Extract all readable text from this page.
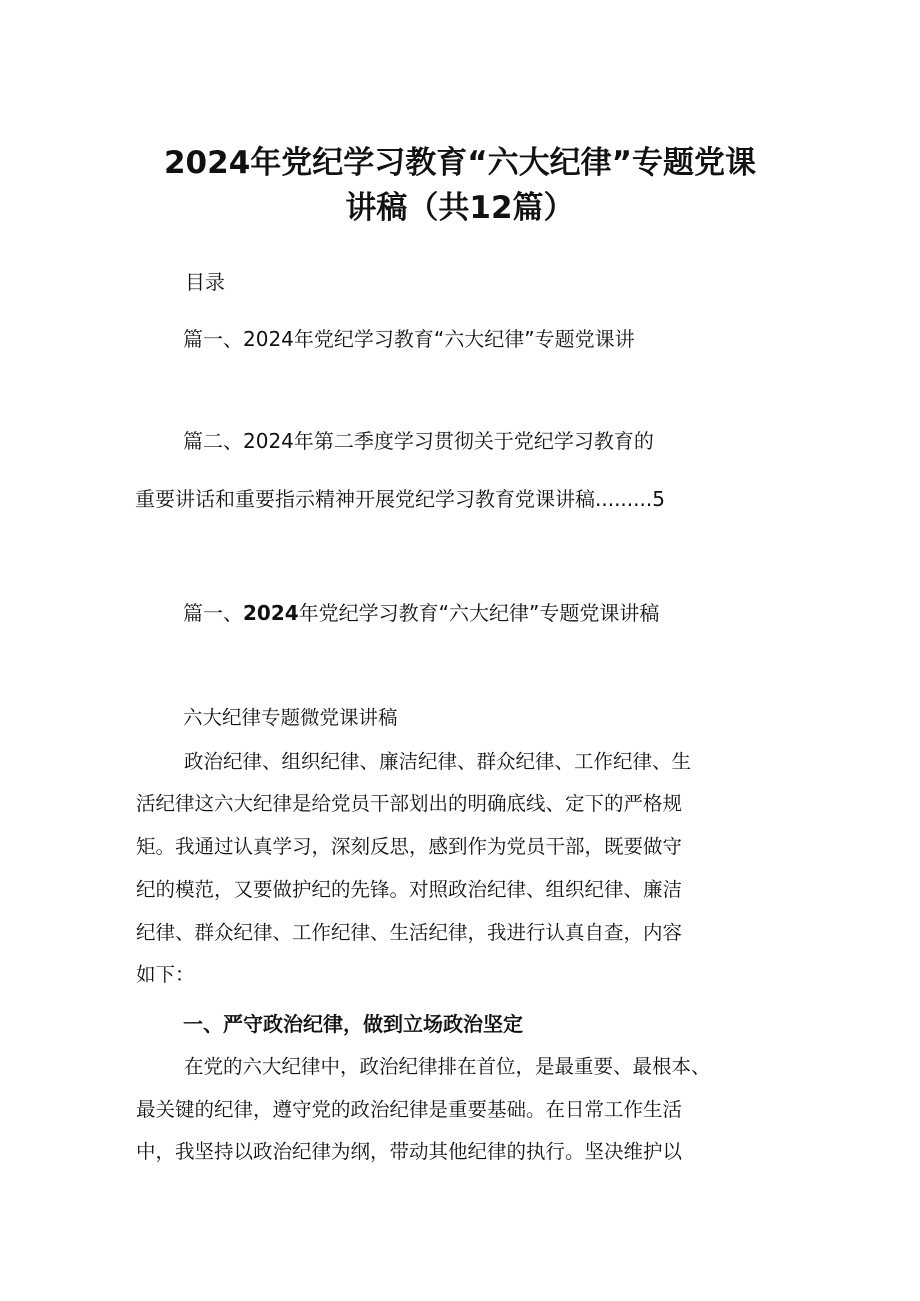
2024年党纪学习教育“六大纪律”专题党课
讲稿（共12篇）
目录
篇一、2024年党纪学习教育“六大纪律”专题党课讲
篇二、2024年第二季度学习贯彻关于党纪学习教育的
重要讲话和重要指示精神开展党纪学习教育党课讲稿.........5
篇一、2024年党纪学习教育“六大纪律”专题党课讲稿
六大纪律专题微党课讲稿
政治纪律、组织纪律、廉洁纪律、群众纪律、工作纪律、生
活纪律这六大纪律是给党员干部划出的明确底线、定下的严格规
矩。我通过认真学习，深刻反思，感到作为党员干部，既要做守
纪的模范，又要做护纪的先锋。对照政治纪律、组织纪律、廉洁
纪律、群众纪律、工作纪律、生活纪律，我进行认真自查，内容
如下：
一、严守政治纪律，做到立场政治坚定
在党的六大纪律中，政治纪律排在首位，是最重要、最根本、
最关键的纪律，遵守党的政治纪律是重要基础。在日常工作生活
中，我坚持以政治纪律为纲，带动其他纪律的执行。坚决维护以
